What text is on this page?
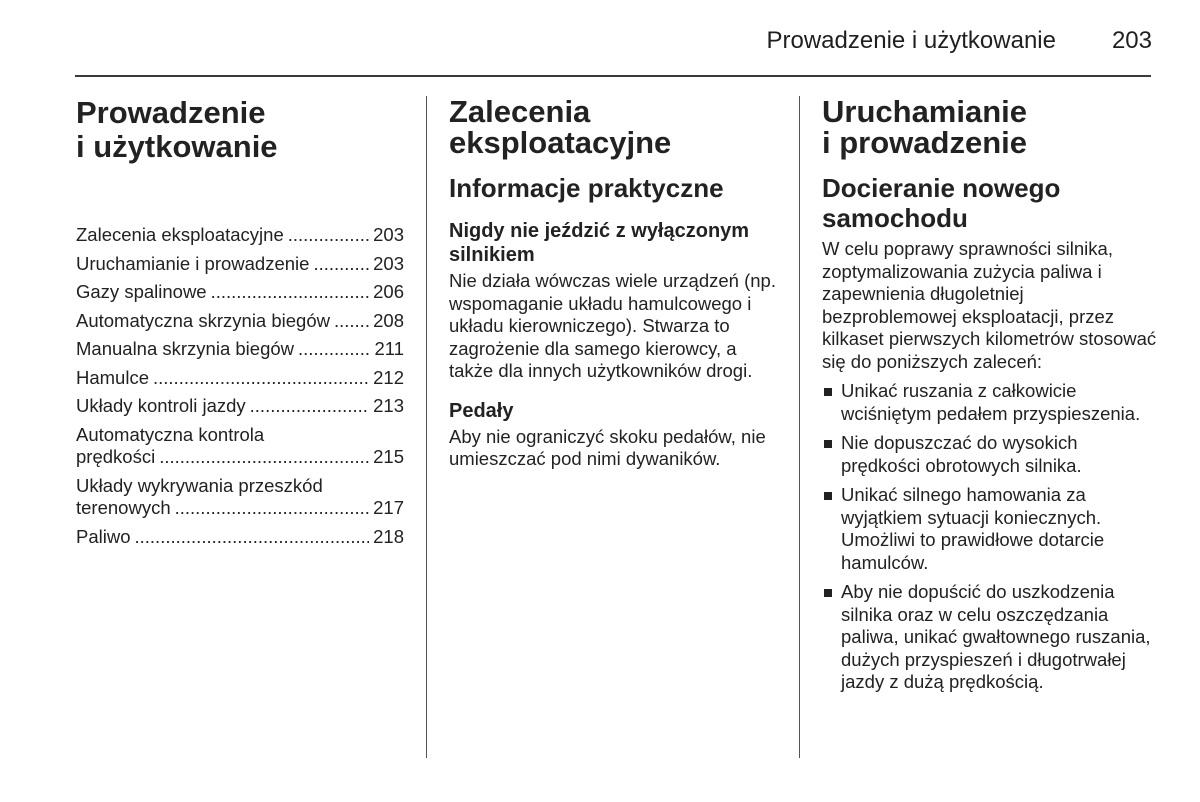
Prowadzenie i użytkowanie	203
Prowadzenie
i użytkowanie
Zalecenia eksploatacyjne .....	203
Uruchamianie i prowadzenie .....	203
Gazy spalinowe .....	206
Automatyczna skrzynia biegów ..... 208
Manualna skrzynia biegów .....	211
Hamulce .....	212
Układy kontroli jazdy .....	213
Automatyczna kontrola
prędkości .....	215
Układy wykrywania przeszkód
terenowych .....	217
Paliwo .....	218
Zalecenia
eksploatacyjne
Informacje praktyczne
Nigdy nie jeździć z wyłączonym silnikiem

Nie działa wówczas wiele urządzeń (np. wspomaganie układu hamulcowego i układu kierowniczego). Stwarza to zagrożenie dla samego kierowcy, a także dla innych użytkowników drogi.

Pedały

Aby nie ograniczyć skoku pedałów, nie umieszczać pod nimi dywaników.

Uruchamianie
i prowadzenie
Docieranie nowego samochodu

W celu poprawy sprawności silnika, zoptymalizowania zużycia paliwa i zapewnienia długoletniej bezproblemowej eksploatacji, przez kilkaset pierwszych kilometrów stosować się do poniższych zaleceń:

Unikać ruszania z całkowicie wciśniętym pedałem przyspieszenia.
Nie dopuszczać do wysokich prędkości obrotowych silnika.
Unikać silnego hamowania za wyjątkiem sytuacji koniecznych. Umożliwi to prawidłowe dotarcie hamulców.
Aby nie dopuścić do uszkodzenia silnika oraz w celu oszczędzania paliwa, unikać gwałtownego ruszania, dużych przyspieszeń i długotrwałej jazdy z dużą prędkością.
